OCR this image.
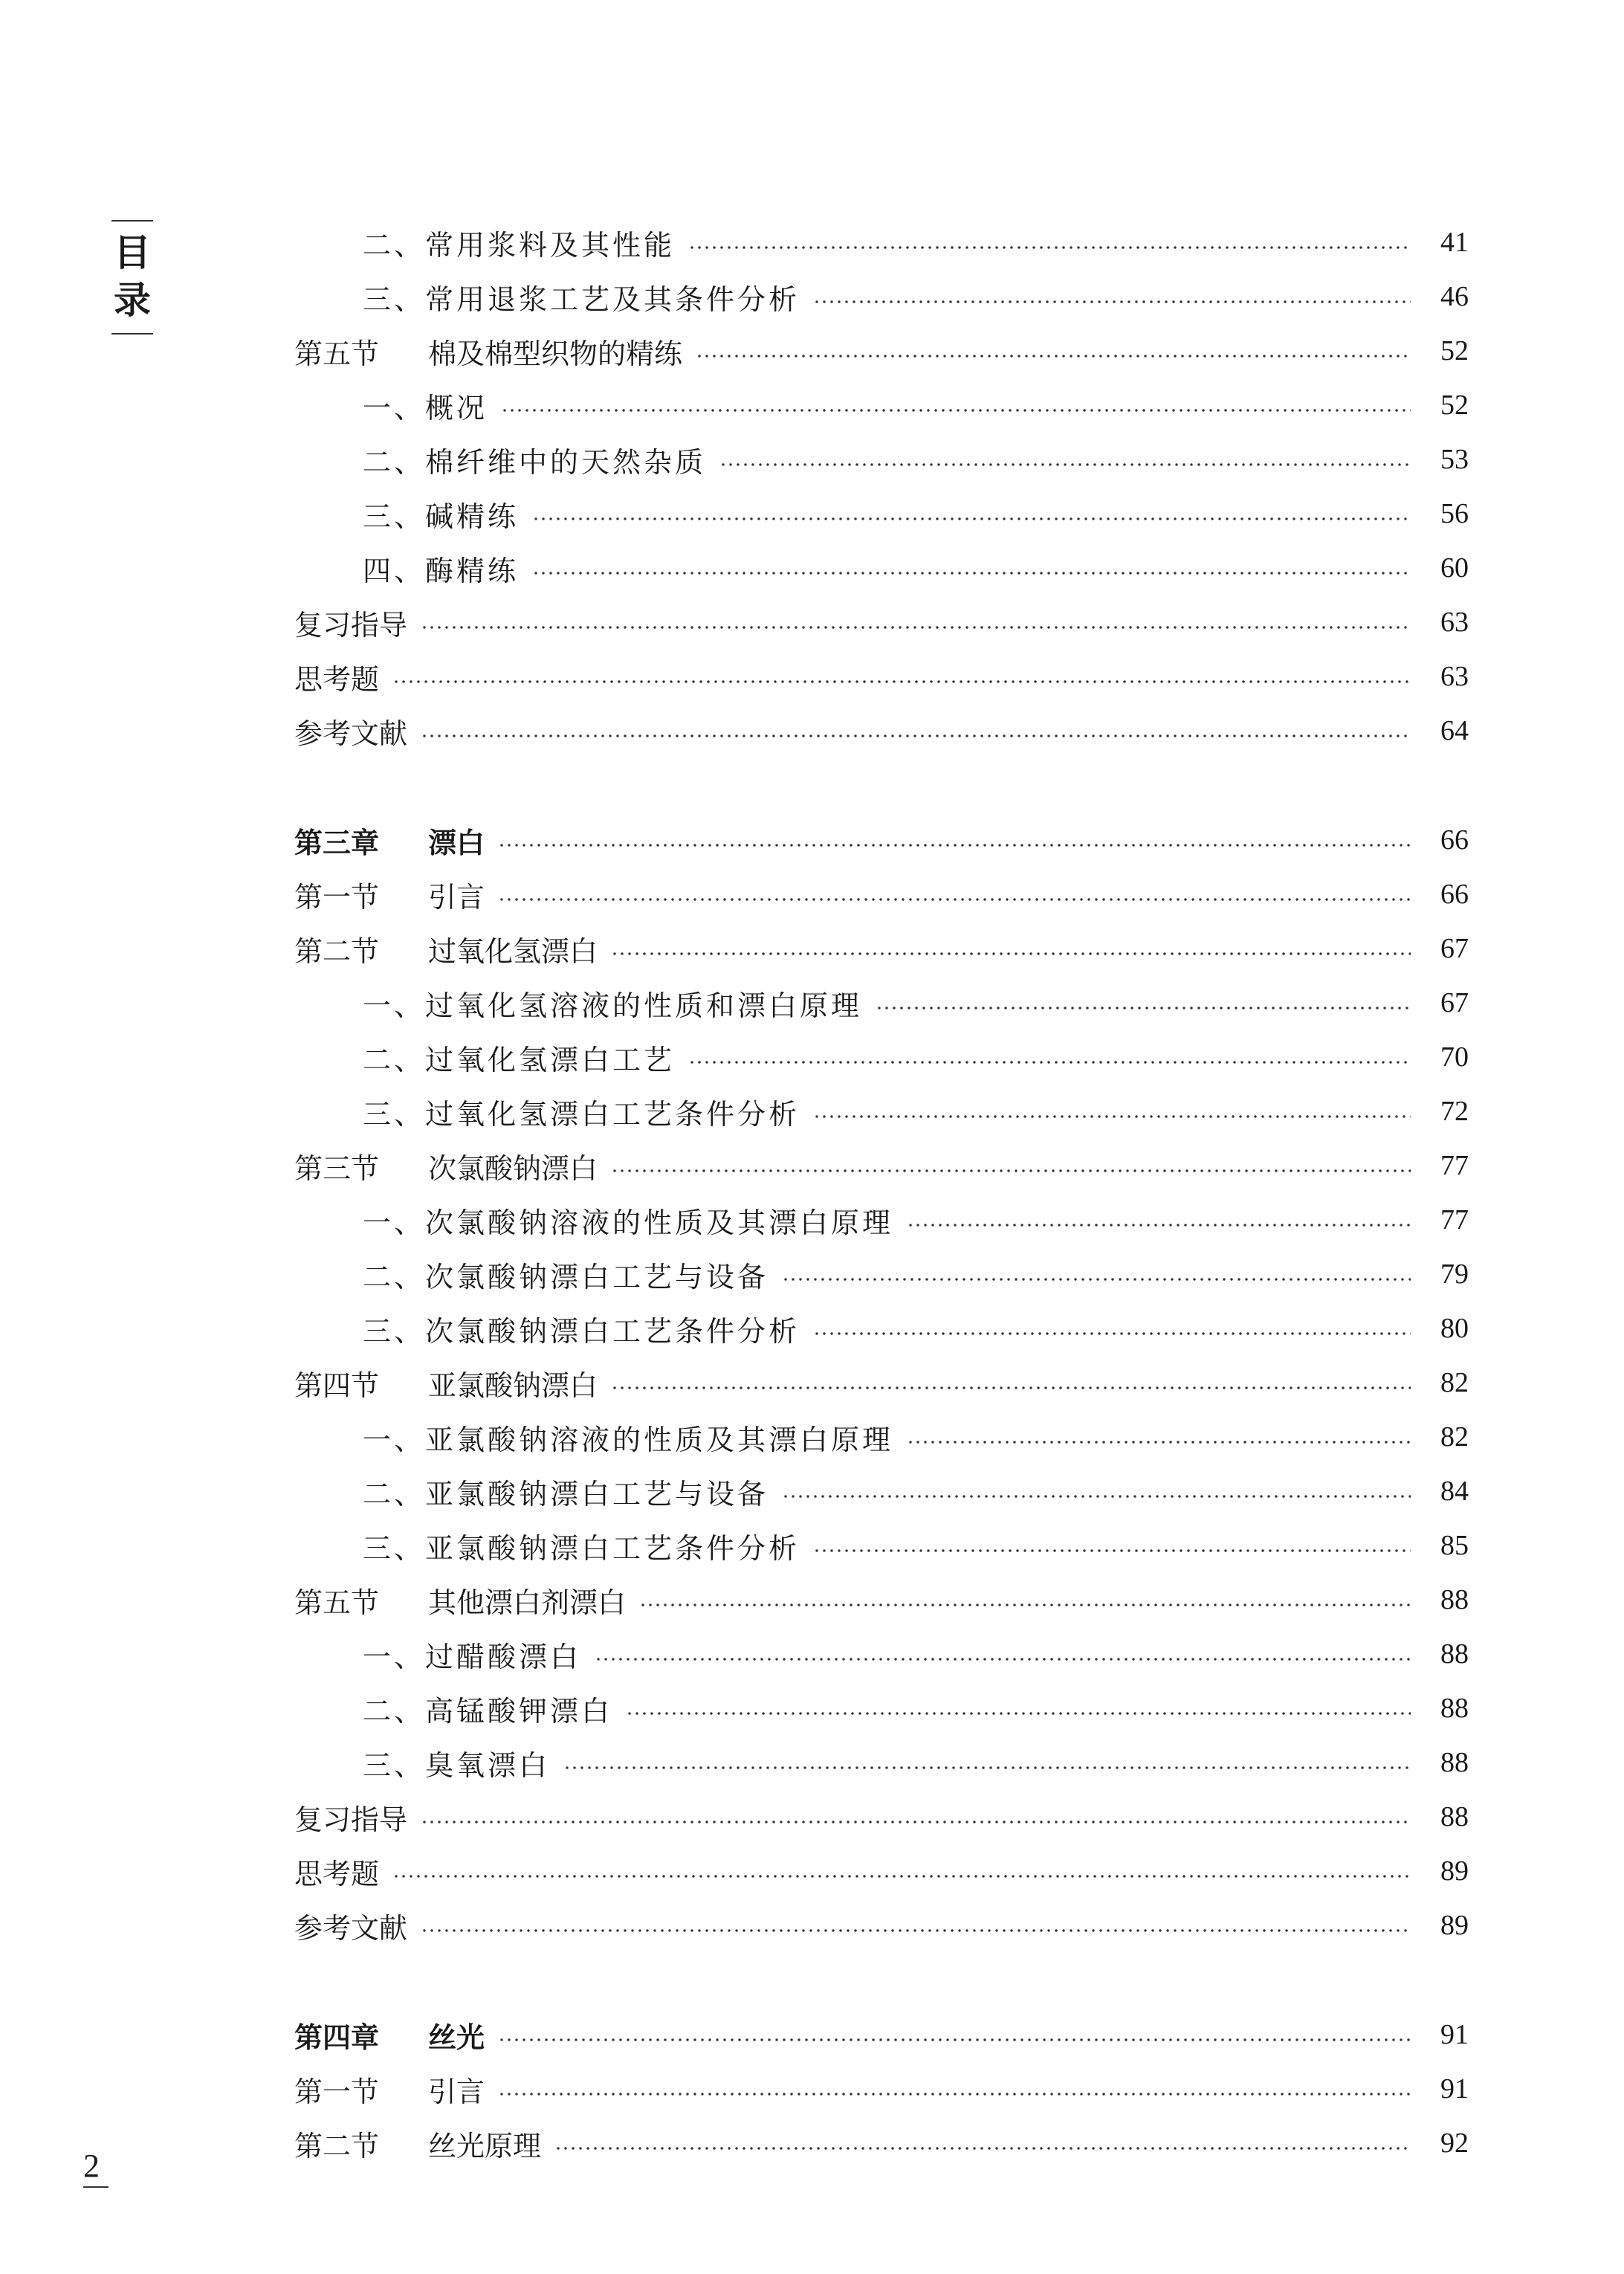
目
录
二、常用浆料及其性能	41
三、常用退浆工艺及其条件分析	46
第五节 棉及棉型织物的精练	52
一、概况	52
二、棉纤维中的天然杂质	53
三、碱精练	56
四、酶精练	60
复习指导	63
思考题	63
参考文献	64
第三章 漂白	66
第一节 引言	66
第二节 过氧化氢漂白	67
一、过氧化氢溶液的性质和漂白原理	67
二、过氧化氢漂白工艺	70
三、过氧化氢漂白工艺条件分析	72
第三节 次氯酸钠漂白	77
一、次氯酸钠溶液的性质及其漂白原理	77
二、次氯酸钠漂白工艺与设备	79
三、次氯酸钠漂白工艺条件分析	80
第四节 亚氯酸钠漂白	82
一、亚氯酸钠溶液的性质及其漂白原理	82
二、亚氯酸钠漂白工艺与设备	84
三、亚氯酸钠漂白工艺条件分析	85
第五节 其他漂白剂漂白	88
一、过醋酸漂白	88
二、高锰酸钾漂白	88
三、臭氧漂白	88
复习指导	88
思考题	89
参考文献	89
第四章 丝光	91
第一节 引言	91
第二节 丝光原理	92
2
